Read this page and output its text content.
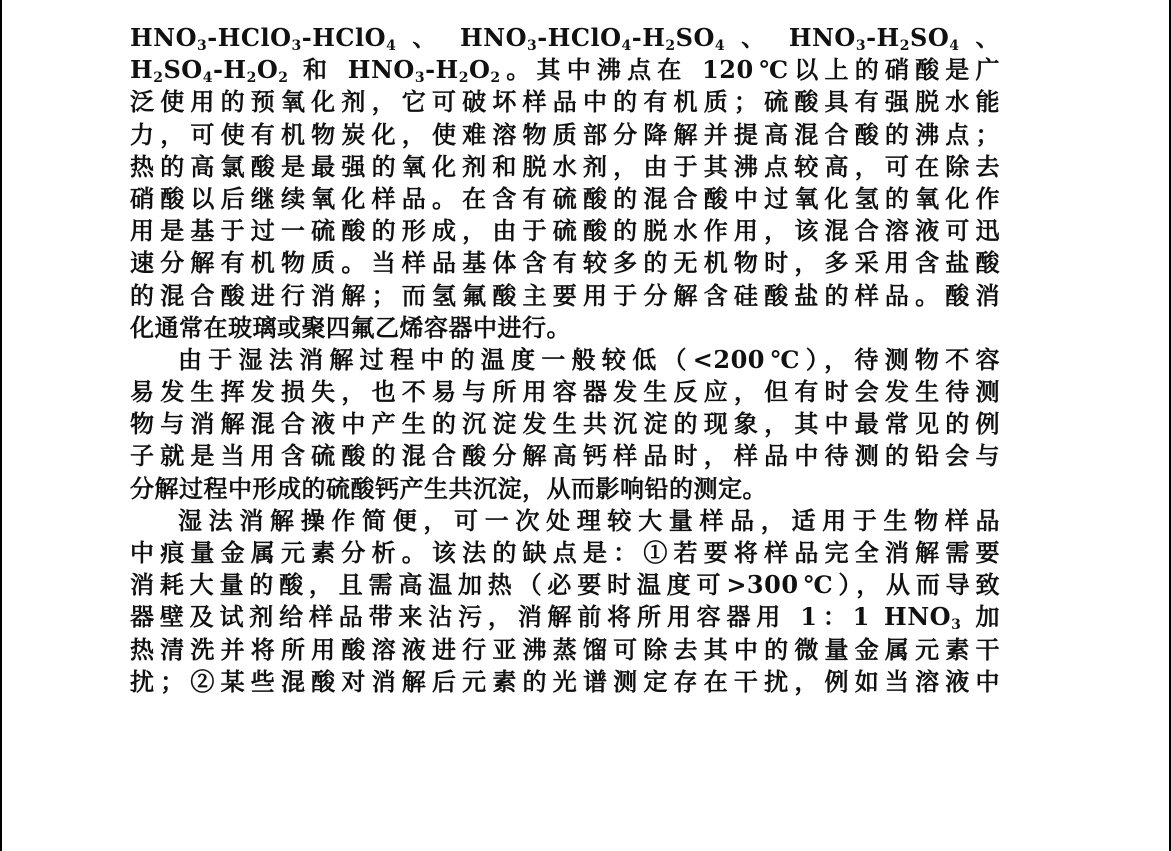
$HNO_3-HClO_3-HClO_4$ 、 $HNO_3-HClO_4-H_2SO_4$ 、 $HNO_3-H_2SO_4$ 、
$H_2SO_4-H_2O_2$ 和 $HNO_3-H_2O_2$。其中沸点在 120℃以上的硝酸是广
泛使用的预氧化剂，它可破坏样品中的有机质；硫酸具有强脱水能
力，可使有机物炭化，使难溶物质部分降解并提高混合酸的沸点；
热的高氯酸是最强的氧化剂和脱水剂，由于其沸点较高，可在除去
硝酸以后继续氧化样品。在含有硫酸的混合酸中过氧化氢的氧化作
用是基于过一硫酸的形成，由于硫酸的脱水作用，该混合溶液可迅
速分解有机物质。当样品基体含有较多的无机物时，多采用含盐酸
的混合酸进行消解；而氢氟酸主要用于分解含硅酸盐的样品。酸消
化通常在玻璃或聚四氟乙烯容器中进行。
由于湿法消解过程中的温度一般较低（<200℃），待测物不容
易发生挥发损失，也不易与所用容器发生反应，但有时会发生待测
物与消解混合液中产生的沉淀发生共沉淀的现象，其中最常见的例
子就是当用含硫酸的混合酸分解高钙样品时，样品中待测的铅会与
分解过程中形成的硫酸钙产生共沉淀，从而影响铅的测定。
湿法消解操作简便，可一次处理较大量样品，适用于生物样品
中痕量金属元素分析。该法的缺点是：①若要将样品完全消解需要
消耗大量的酸，且需高温加热（必要时温度可>300℃），从而导致
器壁及试剂给样品带来沾污，消解前将所用容器用 1：1 $HNO_3$ 加
热清洗并将所用酸溶液进行亚沸蒸馏可除去其中的微量金属元素干
扰；②某些混酸对消解后元素的光谱测定存在干扰，例如当溶液中
